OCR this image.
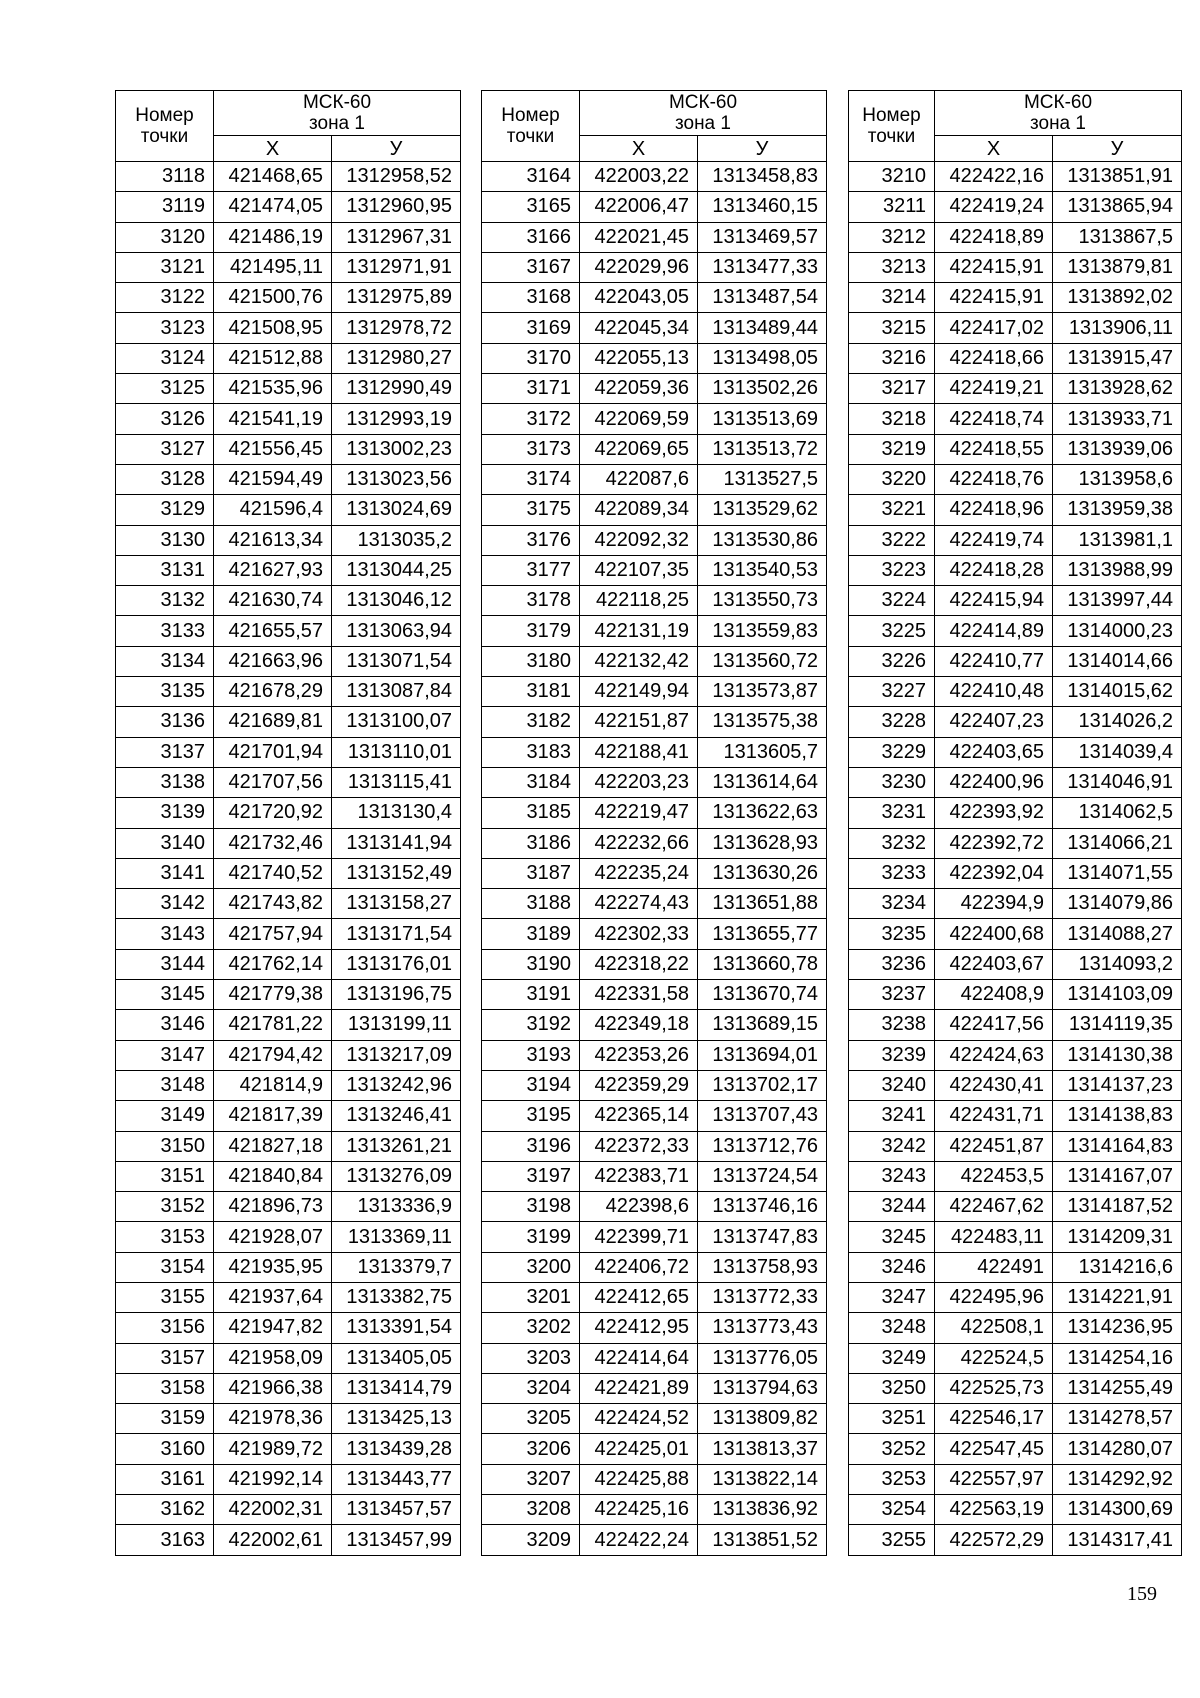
Номер
точки	МСК-60
зона 1	
	Х	У
3118	421468,65	1312958,52
3119	421474,05	1312960,95
3120	421486,19	1312967,31
3121	421495,11	1312971,91
3122	421500,76	1312975,89
3123	421508,95	1312978,72
3124	421512,88	1312980,27
3125	421535,96	1312990,49
3126	421541,19	1312993,19
3127	421556,45	1313002,23
3128	421594,49	1313023,56
3129	421596,4	1313024,69
3130	421613,34	1313035,2
3131	421627,93	1313044,25
3132	421630,74	1313046,12
3133	421655,57	1313063,94
3134	421663,96	1313071,54
3135	421678,29	1313087,84
3136	421689,81	1313100,07
3137	421701,94	1313110,01
3138	421707,56	1313115,41
3139	421720,92	1313130,4
3140	421732,46	1313141,94
3141	421740,52	1313152,49
3142	421743,82	1313158,27
3143	421757,94	1313171,54
3144	421762,14	1313176,01
3145	421779,38	1313196,75
3146	421781,22	1313199,11
3147	421794,42	1313217,09
3148	421814,9	1313242,96
3149	421817,39	1313246,41
3150	421827,18	1313261,21
3151	421840,84	1313276,09
3152	421896,73	1313336,9
3153	421928,07	1313369,11
3154	421935,95	1313379,7
3155	421937,64	1313382,75
3156	421947,82	1313391,54
3157	421958,09	1313405,05
3158	421966,38	1313414,79
3159	421978,36	1313425,13
3160	421989,72	1313439,28
3161	421992,14	1313443,77
3162	422002,31	1313457,57
3163	422002,61	1313457,99
Номер
точки	МСК-60
зона 1	
	Х	У
3164	422003,22	1313458,83
3165	422006,47	1313460,15
3166	422021,45	1313469,57
3167	422029,96	1313477,33
3168	422043,05	1313487,54
3169	422045,34	1313489,44
3170	422055,13	1313498,05
3171	422059,36	1313502,26
3172	422069,59	1313513,69
3173	422069,65	1313513,72
3174	422087,6	1313527,5
3175	422089,34	1313529,62
3176	422092,32	1313530,86
3177	422107,35	1313540,53
3178	422118,25	1313550,73
3179	422131,19	1313559,83
3180	422132,42	1313560,72
3181	422149,94	1313573,87
3182	422151,87	1313575,38
3183	422188,41	1313605,7
3184	422203,23	1313614,64
3185	422219,47	1313622,63
3186	422232,66	1313628,93
3187	422235,24	1313630,26
3188	422274,43	1313651,88
3189	422302,33	1313655,77
3190	422318,22	1313660,78
3191	422331,58	1313670,74
3192	422349,18	1313689,15
3193	422353,26	1313694,01
3194	422359,29	1313702,17
3195	422365,14	1313707,43
3196	422372,33	1313712,76
3197	422383,71	1313724,54
3198	422398,6	1313746,16
3199	422399,71	1313747,83
3200	422406,72	1313758,93
3201	422412,65	1313772,33
3202	422412,95	1313773,43
3203	422414,64	1313776,05
3204	422421,89	1313794,63
3205	422424,52	1313809,82
3206	422425,01	1313813,37
3207	422425,88	1313822,14
3208	422425,16	1313836,92
3209	422422,24	1313851,52
Номер
точки	МСК-60
зона 1	
	Х	У
3210	422422,16	1313851,91
3211	422419,24	1313865,94
3212	422418,89	1313867,5
3213	422415,91	1313879,81
3214	422415,91	1313892,02
3215	422417,02	1313906,11
3216	422418,66	1313915,47
3217	422419,21	1313928,62
3218	422418,74	1313933,71
3219	422418,55	1313939,06
3220	422418,76	1313958,6
3221	422418,96	1313959,38
3222	422419,74	1313981,1
3223	422418,28	1313988,99
3224	422415,94	1313997,44
3225	422414,89	1314000,23
3226	422410,77	1314014,66
3227	422410,48	1314015,62
3228	422407,23	1314026,2
3229	422403,65	1314039,4
3230	422400,96	1314046,91
3231	422393,92	1314062,5
3232	422392,72	1314066,21
3233	422392,04	1314071,55
3234	422394,9	1314079,86
3235	422400,68	1314088,27
3236	422403,67	1314093,2
3237	422408,9	1314103,09
3238	422417,56	1314119,35
3239	422424,63	1314130,38
3240	422430,41	1314137,23
3241	422431,71	1314138,83
3242	422451,87	1314164,83
3243	422453,5	1314167,07
3244	422467,62	1314187,52
3245	422483,11	1314209,31
3246	422491	1314216,6
3247	422495,96	1314221,91
3248	422508,1	1314236,95
3249	422524,5	1314254,16
3250	422525,73	1314255,49
3251	422546,17	1314278,57
3252	422547,45	1314280,07
3253	422557,97	1314292,92
3254	422563,19	1314300,69
3255	422572,29	1314317,41
159
